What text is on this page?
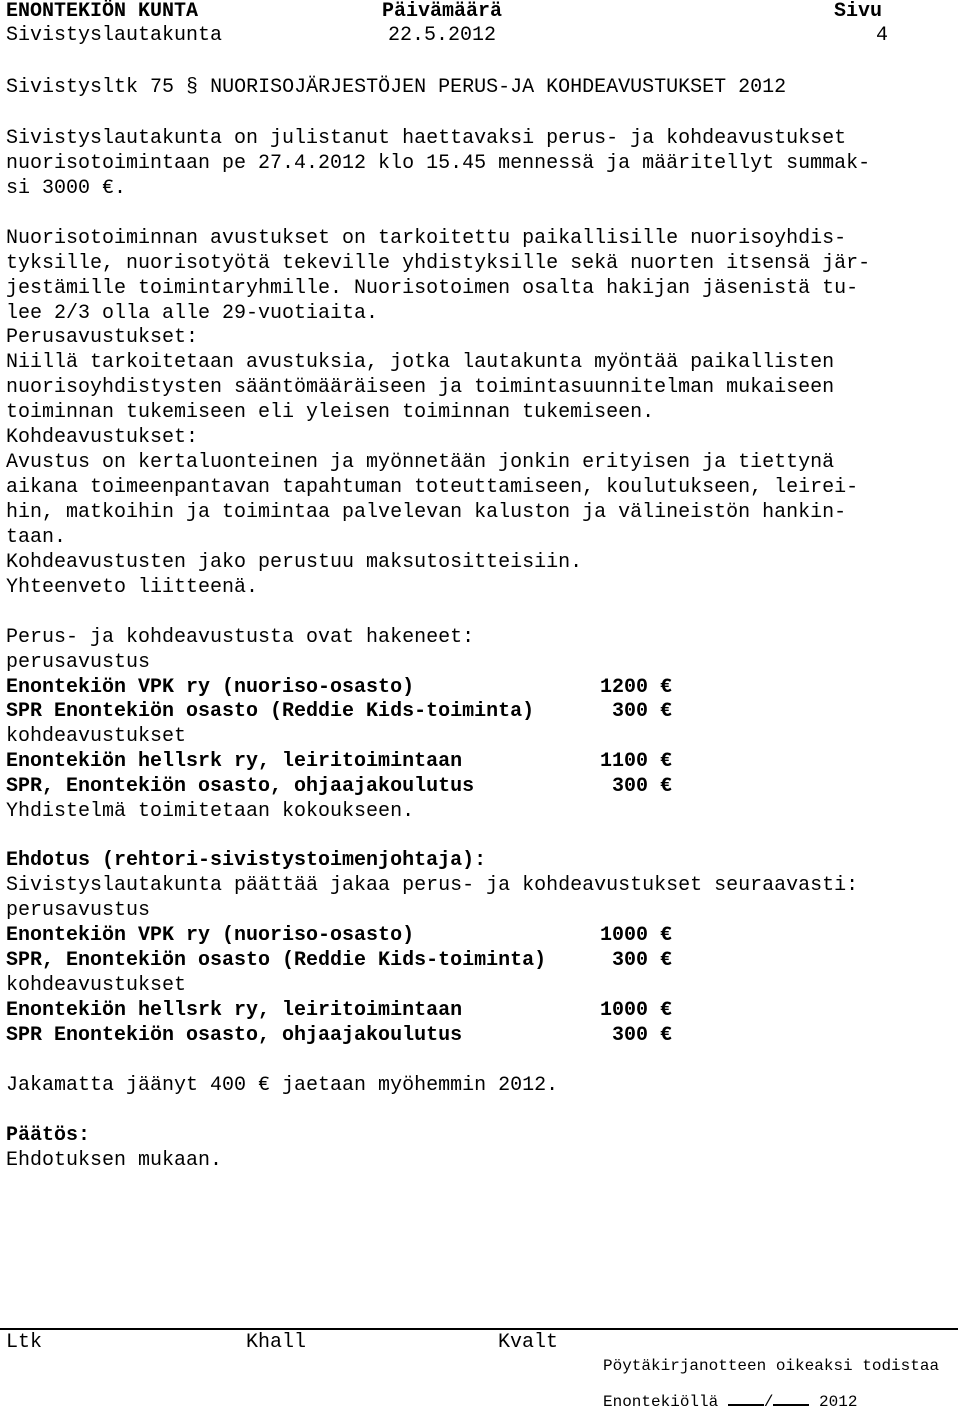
ENONTEKIÖN KUNTA
Sivistyslautakunta
Päivämäärä
22.5.2012
Sivu
4
Sivistysltk 75 § NUORISOJÄRJESTÖJEN PERUS-JA KOHDEAVUSTUKSET 2012
Sivistyslautakunta on julistanut haettavaksi perus- ja kohdeavustukset
nuorisotoimintaan pe 27.4.2012 klo 15.45 mennessä ja määritellyt summak-
si 3000 €.
Nuorisotoiminnan avustukset on tarkoitettu paikallisille nuorisoyhdis-
tyksille, nuorisotyötä tekeville yhdistyksille sekä nuorten itsensä jär-
jestämille toimintaryhmille. Nuorisotoimen osalta hakijan jäsenistä tu-
lee 2/3 olla alle 29-vuotiaita.
Perusavustukset:
Niillä tarkoitetaan avustuksia, jotka lautakunta myöntää paikallisten
nuorisoyhdistysten sääntömääräiseen ja toimintasuunnitelman mukaiseen
toiminnan tukemiseen eli yleisen toiminnan tukemiseen.
Kohdeavustukset:
Avustus on kertaluonteinen ja myönnetään jonkin erityisen ja tiettynä
aikana toimeenpantavan tapahtuman toteuttamiseen, koulutukseen, leirei-
hin, matkoihin ja toimintaa palvelevan kaluston ja välineistön hankin-
taan.
Kohdeavustusten jako perustuu maksutositteisiin.
Yhteenveto liitteenä.
Perus- ja kohdeavustusta ovat hakeneet:
perusavustus
Enontekiön VPK ry (nuoriso-osasto)	1200 €
SPR Enontekiön osasto (Reddie Kids-toiminta)	300 €
kohdeavustukset
Enontekiön hellsrk ry, leiritoimintaan	1100 €
SPR, Enontekiön osasto, ohjaajakoulutus	300 €
Yhdistelmä toimitetaan kokoukseen.
Ehdotus (rehtori-sivistystoimenjohtaja):
Sivistyslautakunta päättää jakaa perus- ja kohdeavustukset seuraavasti:
perusavustus
Enontekiön VPK ry (nuoriso-osasto)	1000 €
SPR, Enontekiön osasto (Reddie Kids-toiminta)	300 €
kohdeavustukset
Enontekiön hellsrk ry, leiritoimintaan	1000 €
SPR Enontekiön osasto, ohjaajakoulutus	300 €
Jakamatta jäänyt 400 € jaetaan myöhemmin 2012.
Päätös:
Ehdotuksen mukaan.
Ltk	Khall	Kvalt
Pöytäkirjanotteen oikeaksi todistaa
Enontekiöllä	/	2012
